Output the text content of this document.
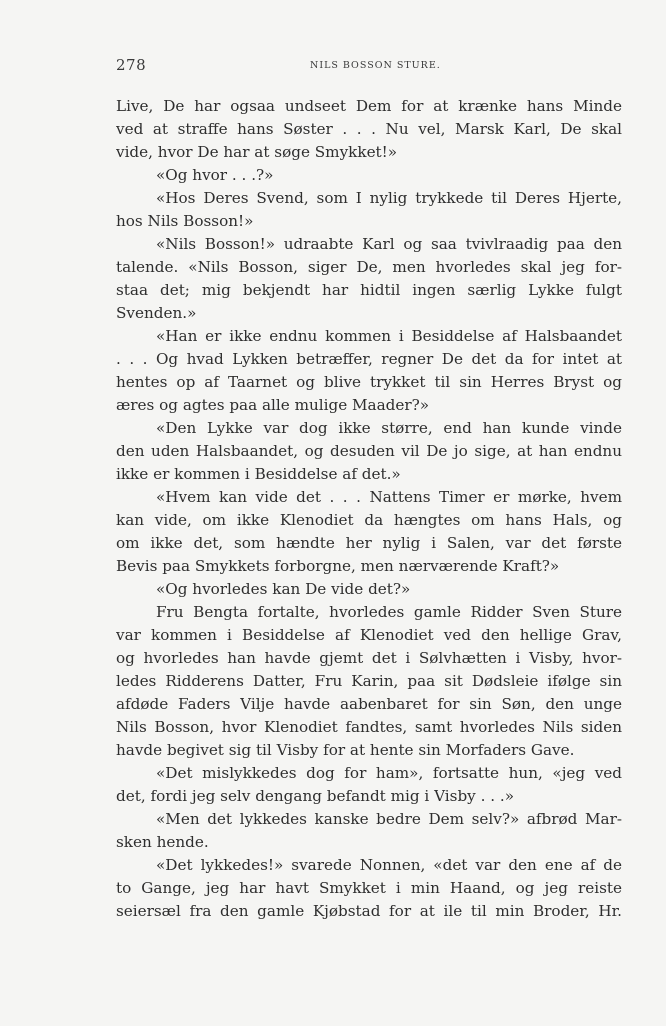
278	NILS BOSSON STURE.
Live, De har ogsaa undseet Dem for at krænke hans Minde
ved at straffe hans Søster . . . Nu vel, Marsk Karl, De skal
vide, hvor De har at søge Smykket!»
«Og hvor . . .?»
«Hos Deres Svend, som I nylig trykkede til Deres Hjerte,
hos Nils Bosson!»
«Nils Bosson!» udraabte Karl og saa tvivlraadig paa den
talende. «Nils Bosson, siger De, men hvorledes skal jeg for-
staa det; mig bekjendt har hidtil ingen særlig Lykke fulgt
Svenden.»
«Han er ikke endnu kommen i Besiddelse af Halsbaandet
. . . Og hvad Lykken betræffer, regner De det da for intet at
hentes op af Taarnet og blive trykket til sin Herres Bryst og
æres og agtes paa alle mulige Maader?»
«Den Lykke var dog ikke større, end han kunde vinde
den uden Halsbaandet, og desuden vil De jo sige, at han endnu
ikke er kommen i Besiddelse af det.»
«Hvem kan vide det . . . Nattens Timer er mørke, hvem
kan vide, om ikke Klenodiet da hængtes om hans Hals, og
om ikke det, som hændte her nylig i Salen, var det første
Bevis paa Smykkets forborgne, men nærværende Kraft?»
«Og hvorledes kan De vide det?»
Fru Bengta fortalte, hvorledes gamle Ridder Sven Sture
var kommen i Besiddelse af Klenodiet ved den hellige Grav,
og hvorledes han havde gjemt det i Sølvhætten i Visby, hvor-
ledes Ridderens Datter, Fru Karin, paa sit Dødsleie ifølge sin
afdøde Faders Vilje havde aabenbaret for sin Søn, den unge
Nils Bosson, hvor Klenodiet fandtes, samt hvorledes Nils siden
havde begivet sig til Visby for at hente sin Morfaders Gave.
«Det mislykkedes dog for ham», fortsatte hun, «jeg ved
det, fordi jeg selv dengang befandt mig i Visby . . .»
«Men det lykkedes kanske bedre Dem selv?» afbrød Mar-
sken hende.
«Det lykkedes!» svarede Nonnen, «det var den ene af de
to Gange, jeg har havt Smykket i min Haand, og jeg reiste
seiersæl fra den gamle Kjøbstad for at ile til min Broder, Hr.
